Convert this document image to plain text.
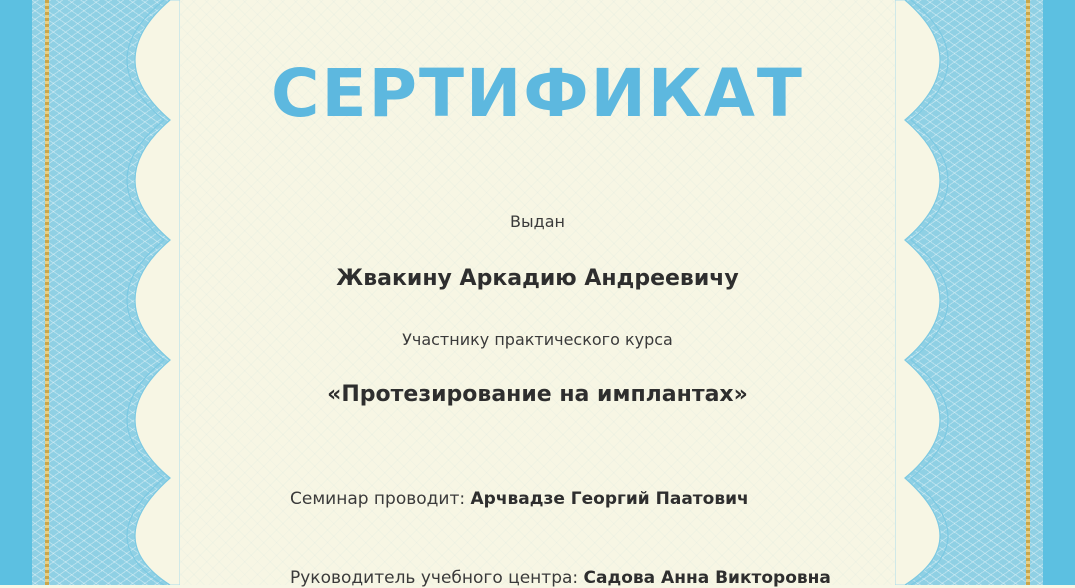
СЕРТИФИКАТ
Выдан
Жвакину Аркадию Андреевичу
Участнику практического курса
«Протезирование на имплантах»
Семинар проводит: Арчвадзе Георгий Паатович
Руководитель учебного центра: Садова Анна Викторовна
